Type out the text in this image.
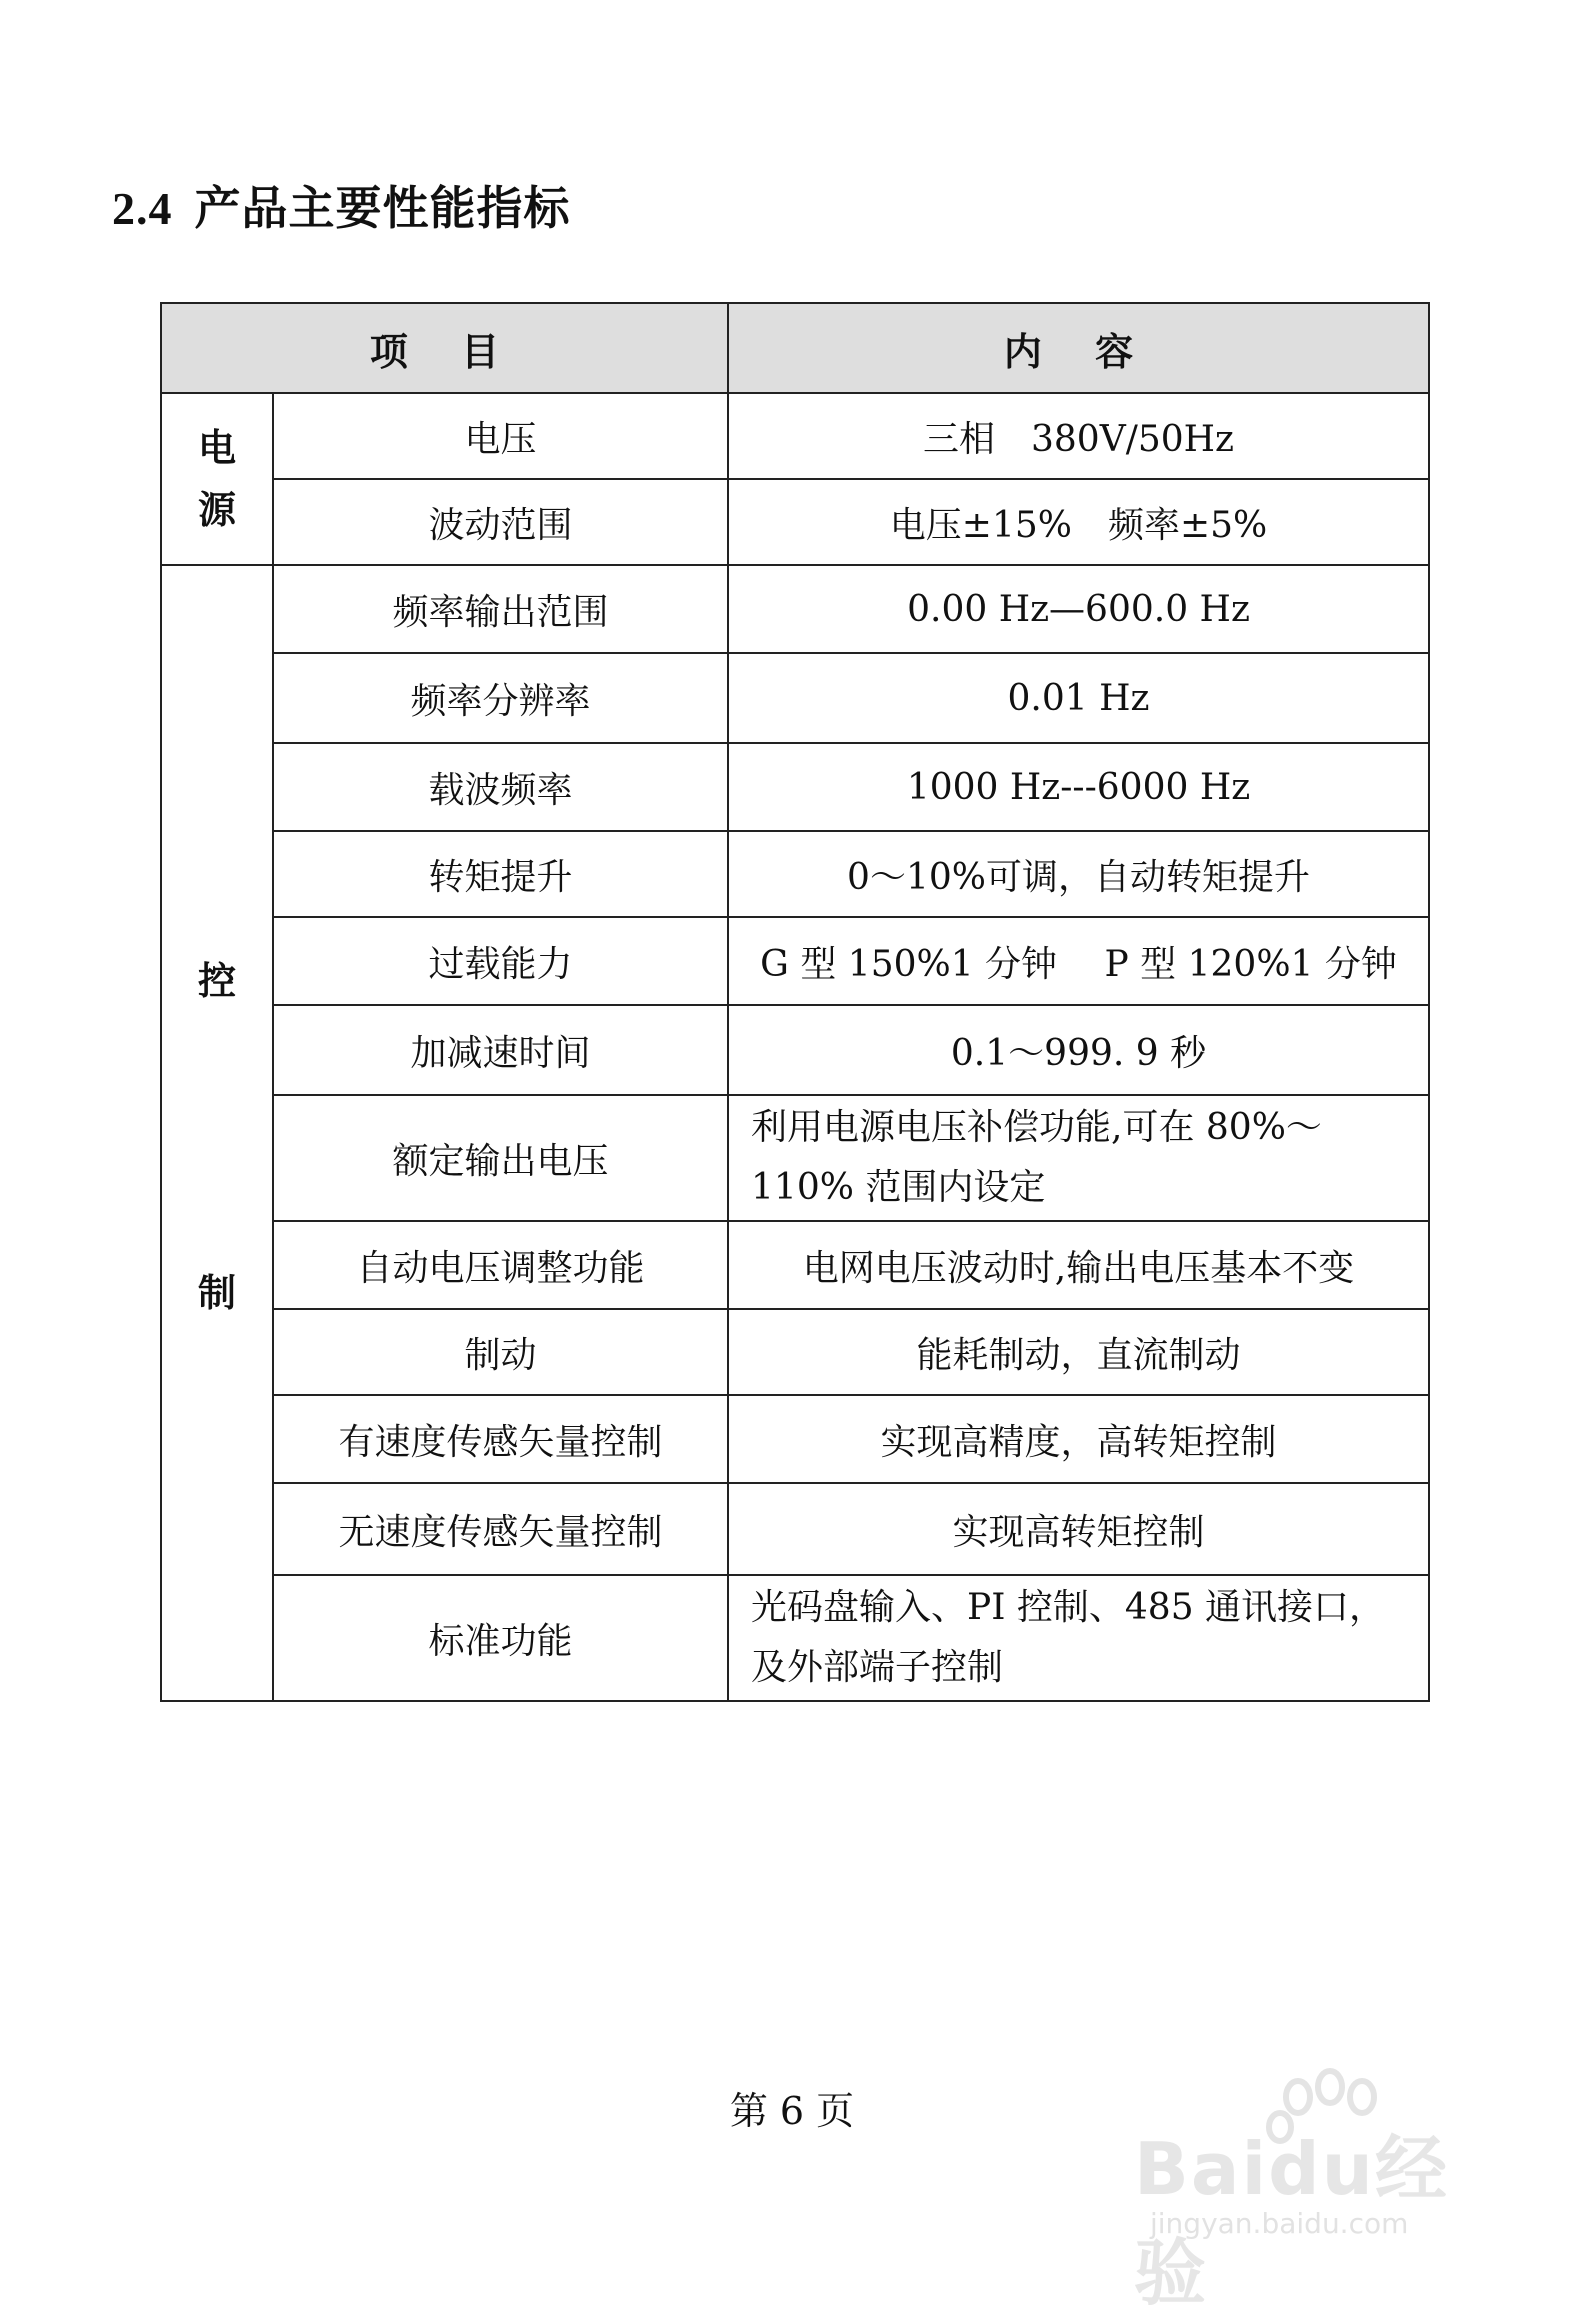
2.4 产品主要性能指标
项 目		内 容

电
源	电压	三相　380V/50Hz
	波动范围	电压±15%　频率±5%

控
制	频率输出范围	0.00 Hz—600.0 Hz
	频率分辨率	0.01 Hz
	载波频率	1000 Hz---6000 Hz
	转矩提升	0～10%可调，自动转矩提升
	过载能力	G 型 150%1 分钟　 P 型 120%1 分钟
	加减速时间	0.1～999. 9 秒
	额定输出电压	利用电源电压补偿功能,可在 80%～110% 范围内设定
	自动电压调整功能	电网电压波动时,输出电压基本不变
	制动	能耗制动，直流制动
	有速度传感矢量控制	实现高精度，高转矩控制
	无速度传感矢量控制	实现高转矩控制
	标准功能	光码盘输入、PI 控制、485 通讯接口，及外部端子控制
第 6 页
Baidu经验
jingyan.baidu.com
